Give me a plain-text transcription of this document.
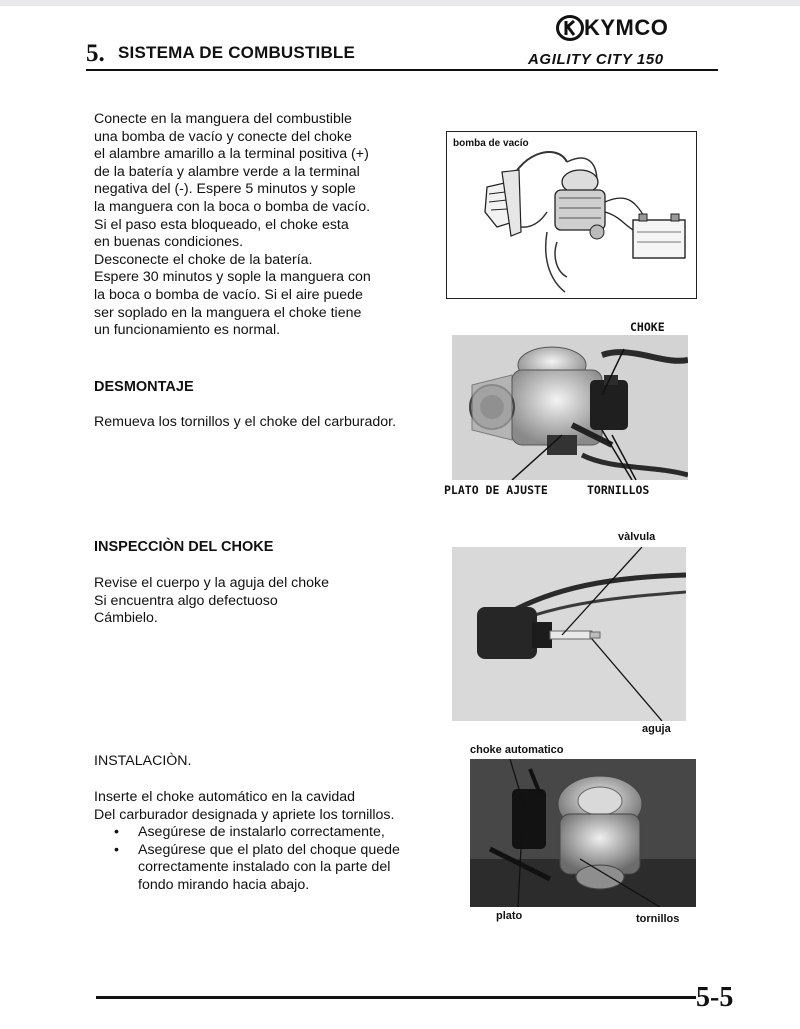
5. SISTEMA DE COMBUSTIBLE
KYMCO
AGILITY CITY 150
Conecte en la manguera del combustible
una bomba de vacío y conecte del choke
el alambre amarillo a la terminal positiva (+)
de la batería y alambre verde a la terminal
negativa del (-). Espere 5 minutos y sople
la manguera con la boca o bomba de vacío.
Si el paso esta bloqueado, el choke esta
en buenas condiciones.
Desconecte el choke de la batería.
Espere 30 minutos y sople la manguera con
la boca o bomba de vacío. Si el aire puede
ser soplado en la manguera el choke tiene
un funcionamiento es normal.
DESMONTAJE
Remueva los tornillos y el choke del carburador.
INSPECCIÒN DEL CHOKE
Revise el cuerpo y la aguja del choke
Si encuentra algo defectuoso
Cámbielo.
INSTALACIÒN.
Inserte el choke automático en la cavidad
Del carburador designada y apriete los tornillos.
• Asegúrese de instalarlo correctamente,
• Asegúrese que el plato del choque quede
correctamente instalado con la parte del
fondo mirando hacia abajo.
bomba de vacío
CHOKE
PLATO DE AJUSTE	TORNILLOS
vàlvula
aguja
choke automatico
plato	tornillos
5-5
